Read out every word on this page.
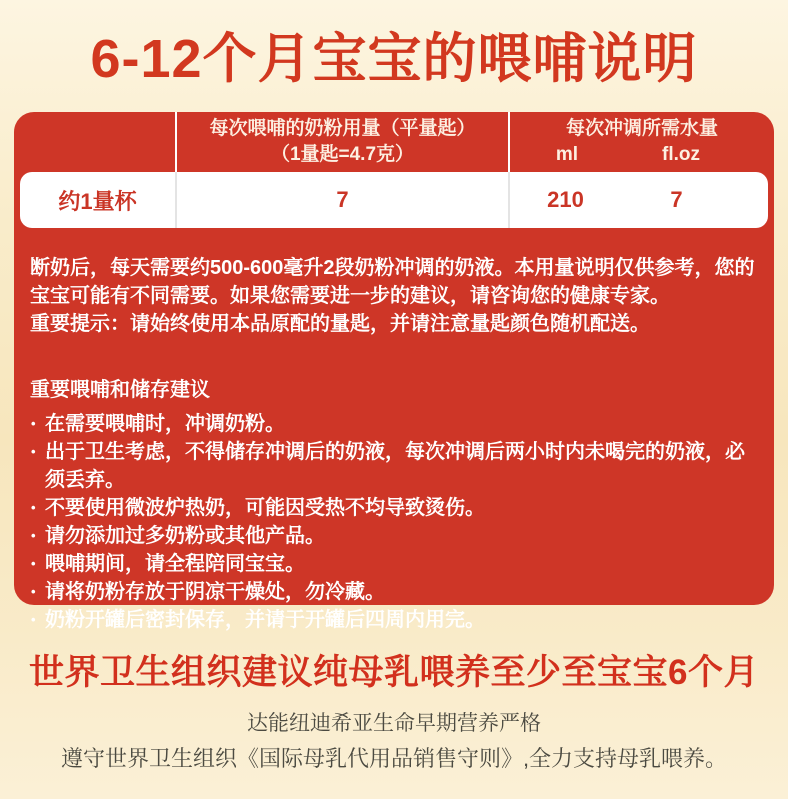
6-12个月宝宝的喂哺说明
每次喂哺的奶粉用量（平量匙）
（1量匙=4.7克）
每次冲调所需水量
ml	fl.oz
约1量杯	7	210	7

断奶后，每天需要约500-600毫升2段奶粉冲调的奶液。本用量说明仅供参考，您的宝宝可能有不同需要。如果您需要进一步的建议，请咨询您的健康专家。

重要提示：请始终使用本品原配的量匙，并请注意量匙颜色随机配送。

重要喂哺和储存建议

• 在需要喂哺时，冲调奶粉。
• 出于卫生考虑，不得储存冲调后的奶液，每次冲调后两小时内未喝完的奶液，必须丢弃。
• 不要使用微波炉热奶，可能因受热不均导致烫伤。
• 请勿添加过多奶粉或其他产品。
• 喂哺期间，请全程陪同宝宝。
• 请将奶粉存放于阴凉干燥处，勿冷藏。
• 奶粉开罐后密封保存，并请于开罐后四周内用完。
世界卫生组织建议纯母乳喂养至少至宝宝6个月

达能纽迪希亚生命早期营养严格

遵守世界卫生组织《国际母乳代用品销售守则》,全力支持母乳喂养。
